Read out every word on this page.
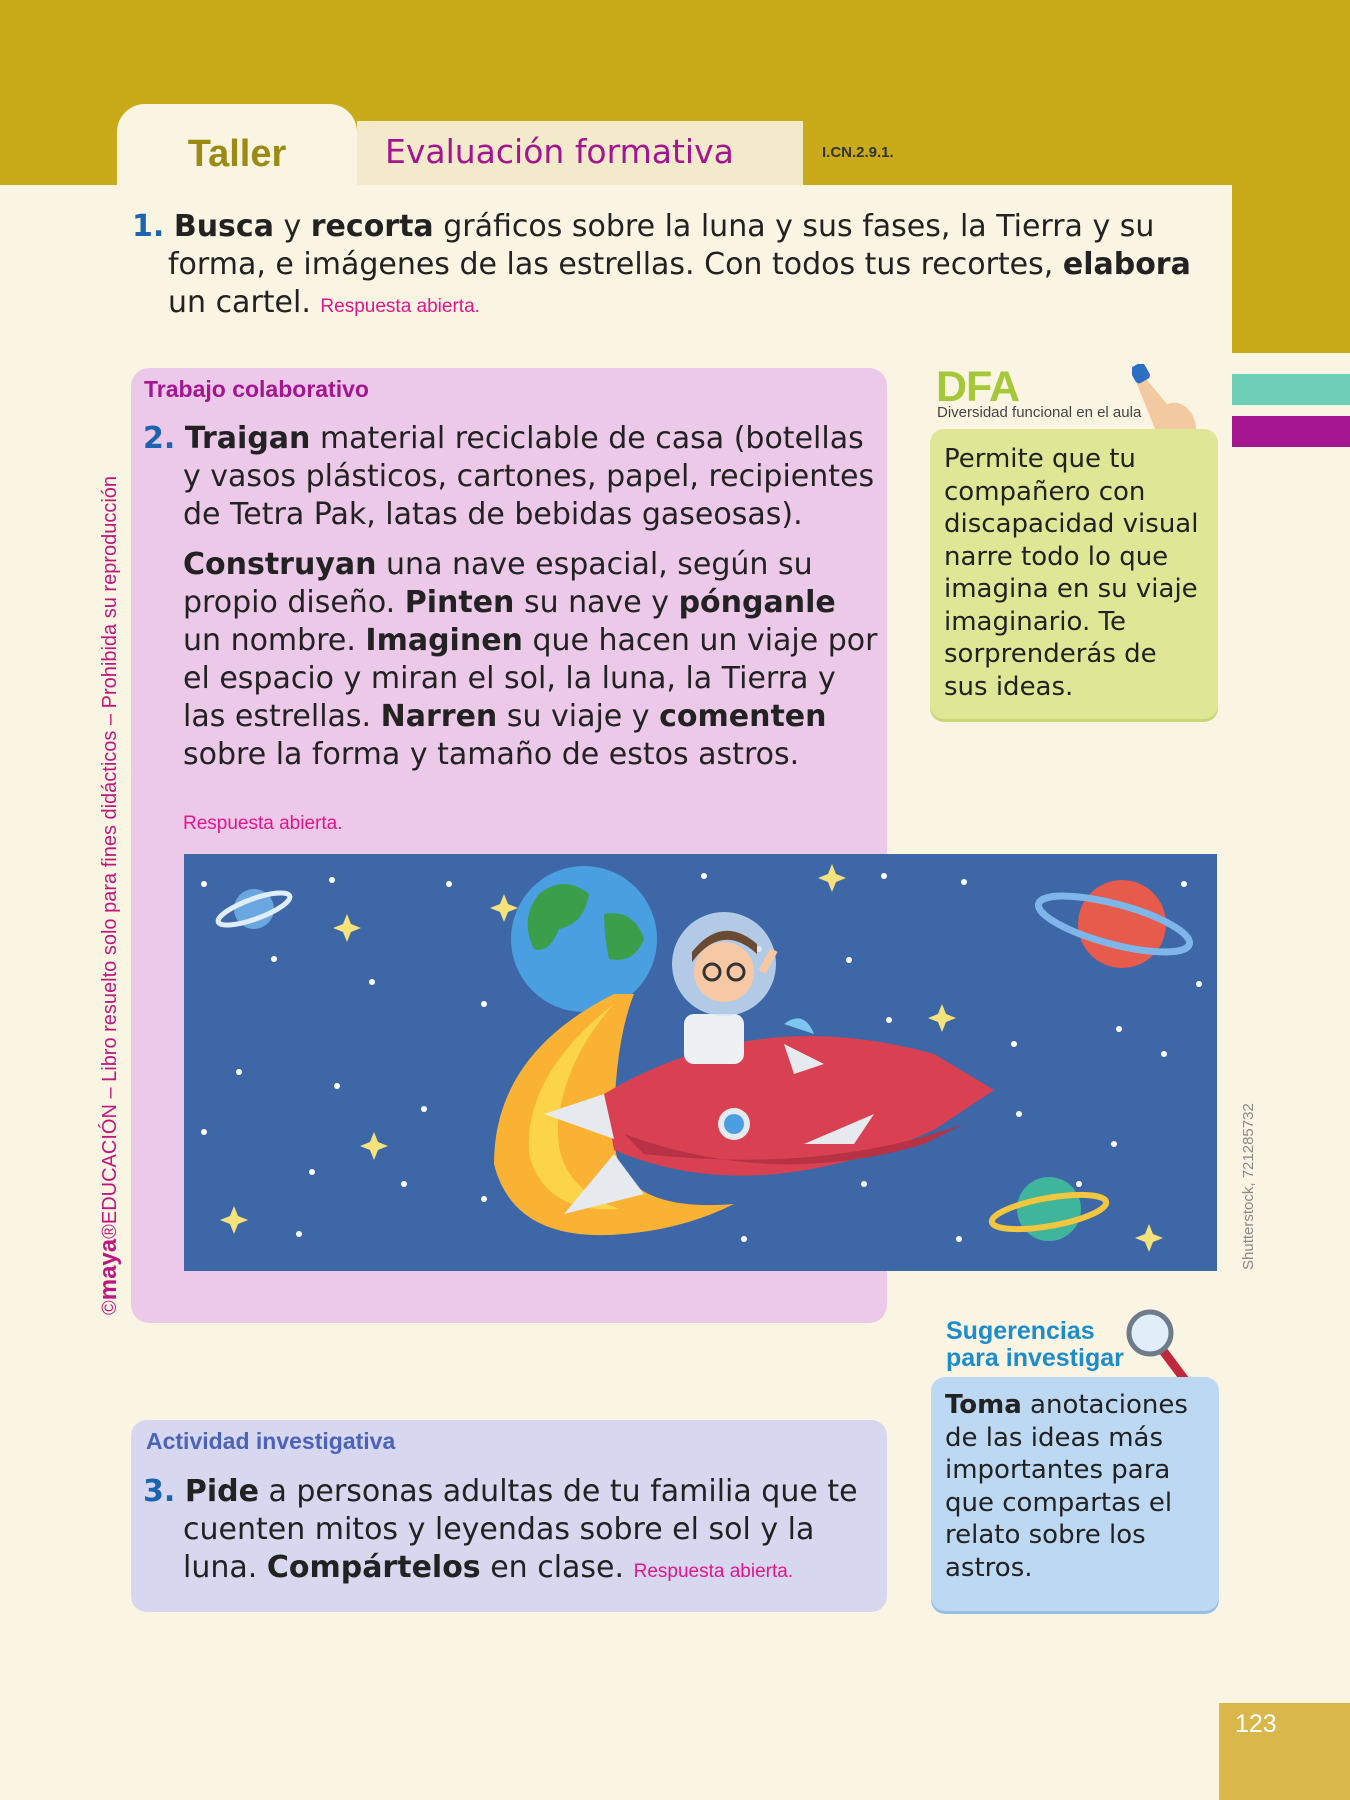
Taller	Evaluación formativa	I.CN.2.9.1.
1. Busca y recorta gráficos sobre la luna y sus fases, la Tierra y su forma, e imágenes de las estrellas. Con todos tus recortes, elabora un cartel. Respuesta abierta.
Trabajo colaborativo

2. Traigan material reciclable de casa (botellas y vasos plásticos, cartones, papel, recipientes de Tetra Pak, latas de bebidas gaseosas).

Construyan una nave espacial, según su propio diseño. Pinten su nave y pónganle un nombre. Imaginen que hacen un viaje por el espacio y miran el sol, la luna, la Tierra y las estrellas. Narren su viaje y comenten sobre la forma y tamaño de estos astros.

Respuesta abierta.
DFA
Diversidad funcional en el aula
Permite que tu compañero con discapacidad visual narre todo lo que imagina en su viaje imaginario. Te sorprenderás de sus ideas.
Sugerencias
para investigar
Toma anotaciones de las ideas más importantes para que compartas el relato sobre los astros.
Actividad investigativa

3. Pide a personas adultas de tu familia que te cuenten mitos y leyendas sobre el sol y la luna. Compártelos en clase. Respuesta abierta.

©maya®EDUCACIÓN – Libro resuelto solo para fines didácticos – Prohibida su reproducción	Shutterstock, 721285732
123
